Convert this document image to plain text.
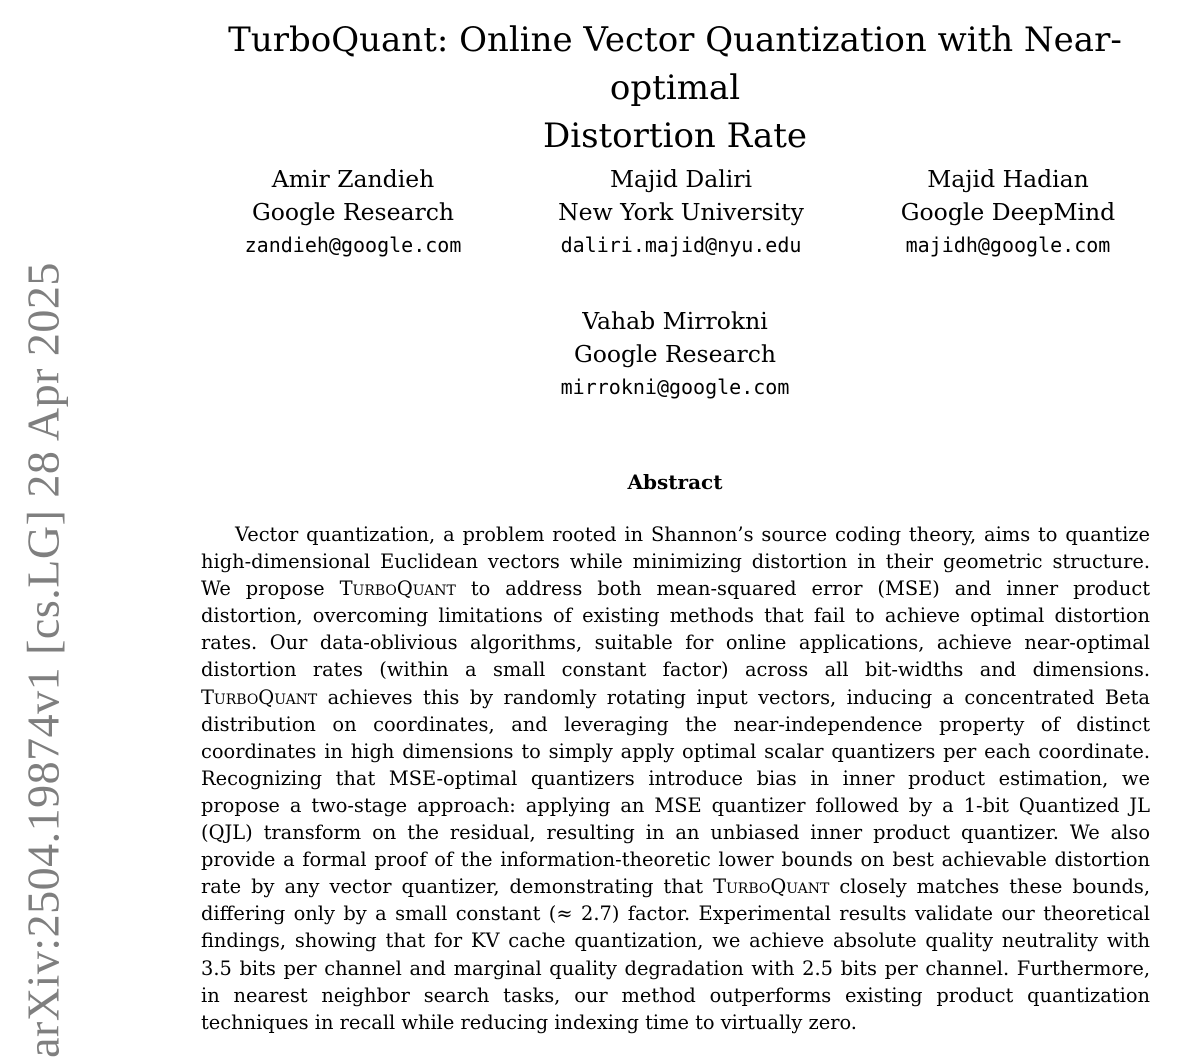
arXiv:2504.19874v1 [cs.LG] 28 Apr 2025
TurboQuant: Online Vector Quantization with Near-optimal
Distortion Rate
Amir Zandieh
Google Research
zandieh@google.com
Majid Daliri
New York University
daliri.majid@nyu.edu
Majid Hadian
Google DeepMind
majidh@google.com
Vahab Mirrokni
Google Research
mirrokni@google.com
Abstract

Vector quantization, a problem rooted in Shannon’s source coding theory, aims to quantize high-dimensional Euclidean vectors while minimizing distortion in their geometric structure. We propose TurboQuant to address both mean-squared error (MSE) and inner product distortion, overcoming limitations of existing methods that fail to achieve optimal distortion rates. Our data-oblivious algorithms, suitable for online applications, achieve near-optimal distortion rates (within a small constant factor) across all bit-widths and dimensions. TurboQuant achieves this by randomly rotating input vectors, inducing a concentrated Beta distribution on coordinates, and leveraging the near-independence property of distinct coordinates in high dimensions to simply apply optimal scalar quantizers per each coordinate. Recognizing that MSE-optimal quantizers introduce bias in inner product estimation, we propose a two-stage approach: applying an MSE quantizer followed by a 1-bit Quantized JL (QJL) transform on the residual, resulting in an unbiased inner product quantizer. We also provide a formal proof of the information-theoretic lower bounds on best achievable distortion rate by any vector quantizer, demonstrating that TurboQuant closely matches these bounds, differing only by a small constant (≈ 2.7) factor. Experimental results validate our theoretical findings, showing that for KV cache quantization, we achieve absolute quality neutrality with 3.5 bits per channel and marginal quality degradation with 2.5 bits per channel. Furthermore, in nearest neighbor search tasks, our method outperforms existing product quantization techniques in recall while reducing indexing time to virtually zero.
